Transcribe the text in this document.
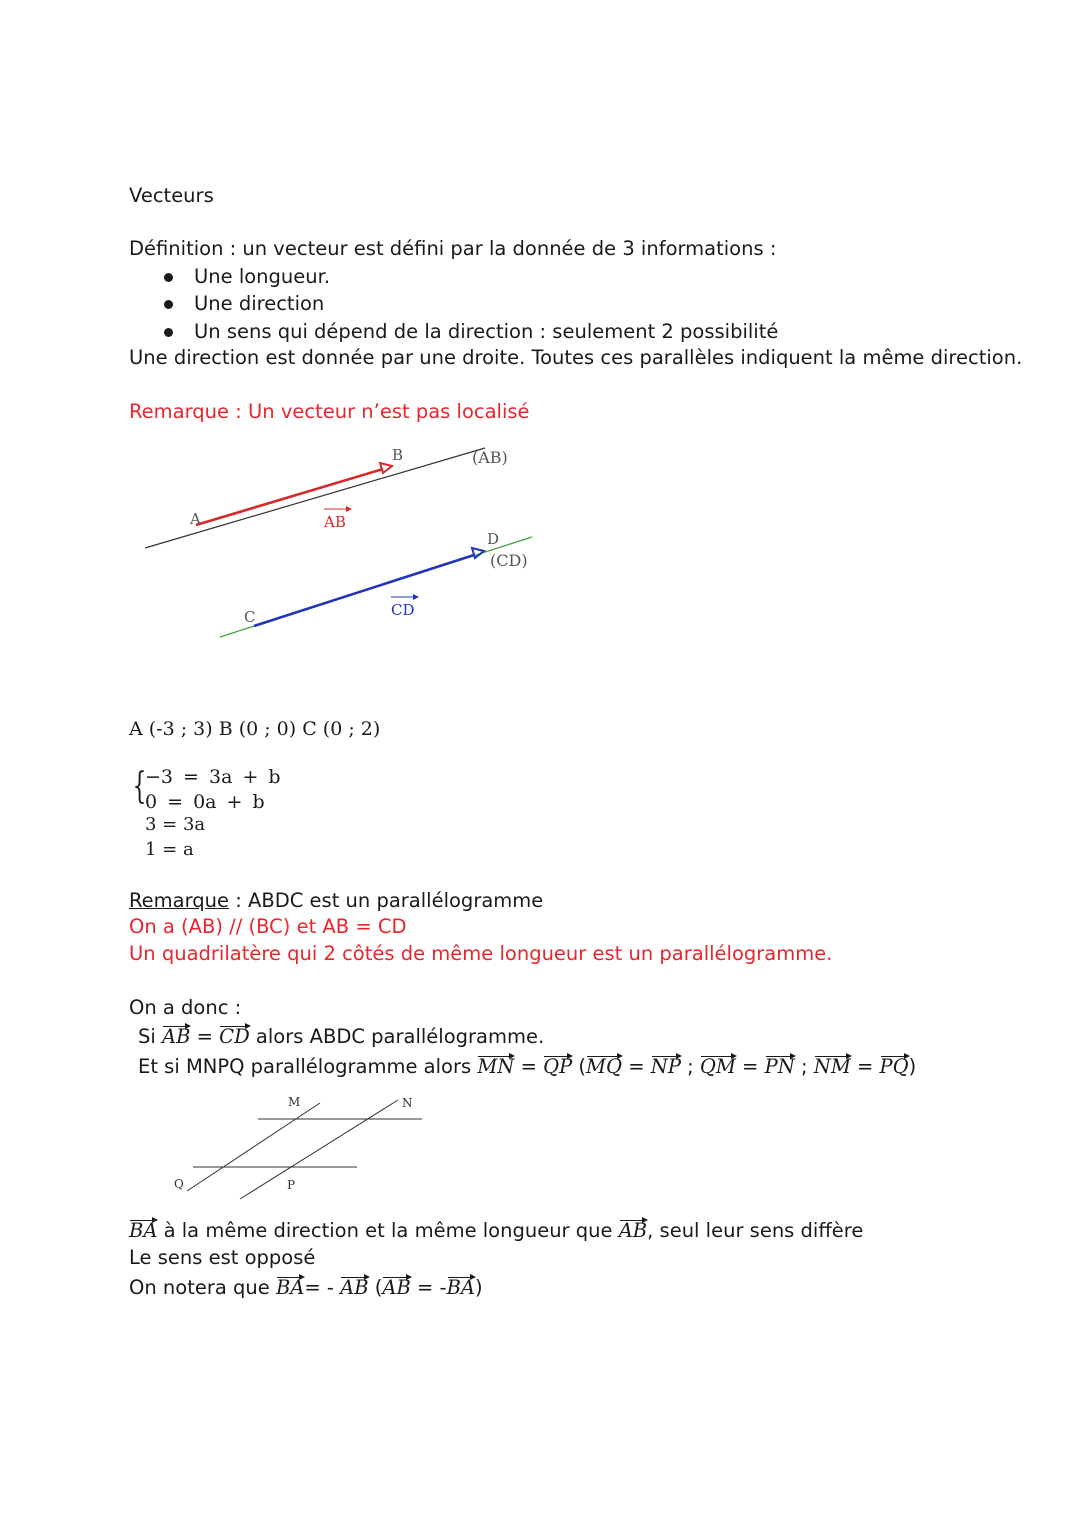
Vecteurs
Définition : un vecteur est défini par la donnée de 3 informations :
Une longueur.
Une direction
Un sens qui dépend de la direction : seulement 2 possibilité
Une direction est donnée par une droite. Toutes ces parallèles indiquent la même direction.
Remarque : Un vecteur n’est pas localisé
A
B
C
D
(AB)
(CD)
AB
CD
A (-3 ; 3) B (0 ; 0) C (0 ; 2)
{
−3 = 3a + b
0 = 0a + b
3 = 3a
1 = a
Remarque : ABDC est un parallélogramme
On a (AB) // (BC) et AB = CD
Un quadrilatère qui 2 côtés de même longueur est un parallélogramme.
On a donc :
Si AB = CD alors ABDC parallélogramme.
Et si MNPQ parallélogramme alors MN = QP (MQ = NP ; QM = PN ; NM = PQ)
M	N
P
Q
BA à la même direction et la même longueur que AB, seul leur sens diffère
Le sens est opposé
On notera que BA= - AB (AB = -BA)
